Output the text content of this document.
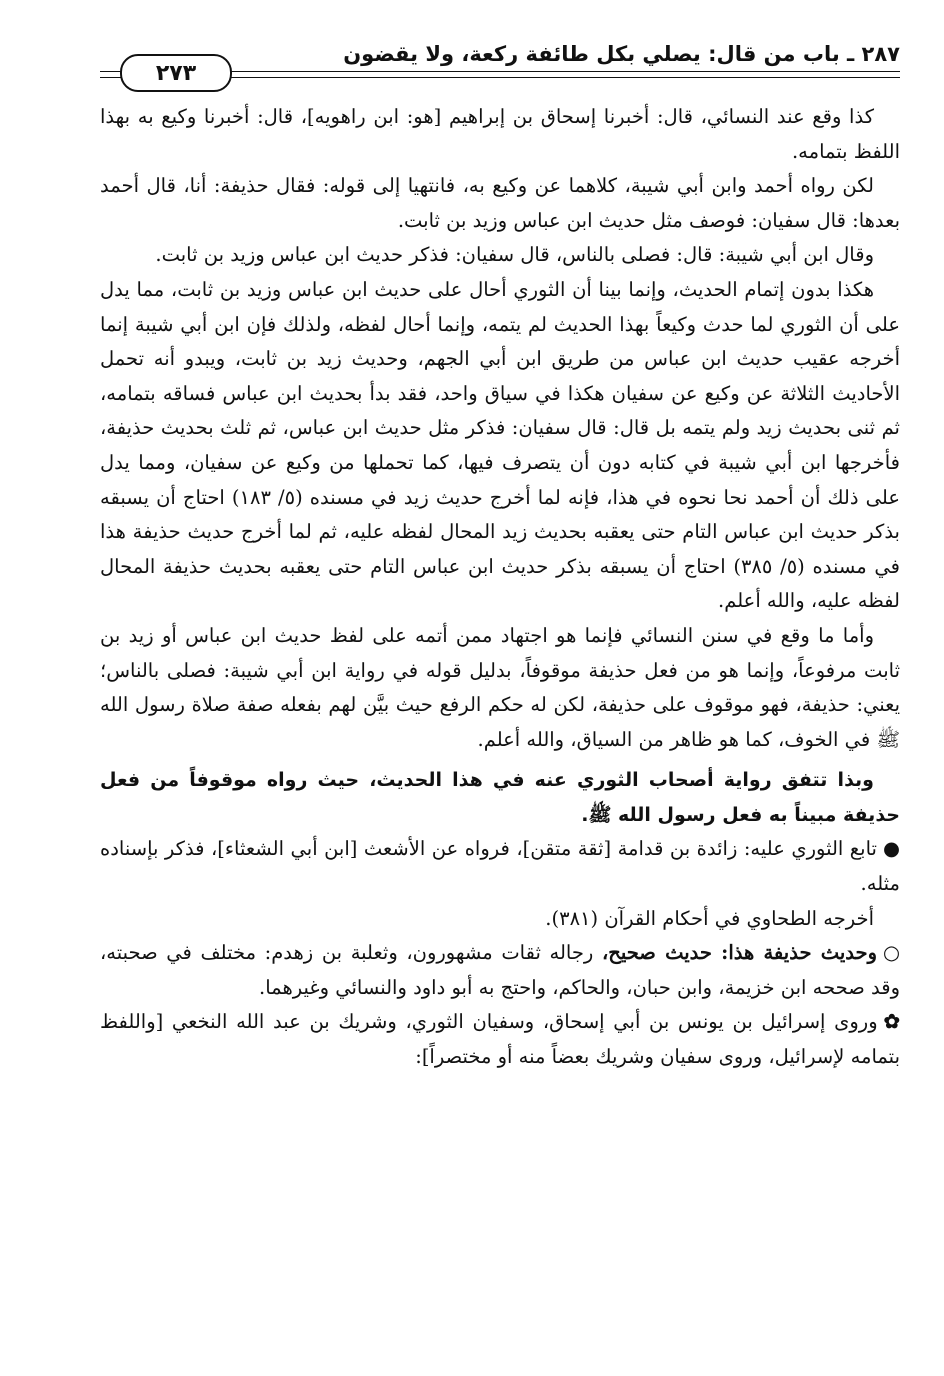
٢٨٧ ـ باب من قال: يصلي بكل طائفة ركعة، ولا يقضون
٢٧٣

كذا وقع عند النسائي، قال: أخبرنا إسحاق بن إبراهيم [هو: ابن راهويه]، قال: أخبرنا وكيع به بهذا اللفظ بتمامه.

لكن رواه أحمد وابن أبي شيبة، كلاهما عن وكيع به، فانتهيا إلى قوله: فقال حذيفة: أنا، قال أحمد بعدها: قال سفيان: فوصف مثل حديث ابن عباس وزيد بن ثابت.

وقال ابن أبي شيبة: قال: فصلى بالناس، قال سفيان: فذكر حديث ابن عباس وزيد بن ثابت.

هكذا بدون إتمام الحديث، وإنما بينا أن الثوري أحال على حديث ابن عباس وزيد بن ثابت، مما يدل على أن الثوري لما حدث وكيعاً بهذا الحديث لم يتمه، وإنما أحال لفظه، ولذلك فإن ابن أبي شيبة إنما أخرجه عقيب حديث ابن عباس من طريق ابن أبي الجهم، وحديث زيد بن ثابت، ويبدو أنه تحمل الأحاديث الثلاثة عن وكيع عن سفيان هكذا في سياق واحد، فقد بدأ بحديث ابن عباس فساقه بتمامه، ثم ثنى بحديث زيد ولم يتمه بل قال: قال سفيان: فذكر مثل حديث ابن عباس، ثم ثلث بحديث حذيفة، فأخرجها ابن أبي شيبة في كتابه دون أن يتصرف فيها، كما تحملها من وكيع عن سفيان، ومما يدل على ذلك أن أحمد نحا نحوه في هذا، فإنه لما أخرج حديث زيد في مسنده (٥/ ١٨٣) احتاج أن يسبقه بذكر حديث ابن عباس التام حتى يعقبه بحديث زيد المحال لفظه عليه، ثم لما أخرج حديث حذيفة هذا في مسنده (٥/ ٣٨٥) احتاج أن يسبقه بذكر حديث ابن عباس التام حتى يعقبه بحديث حذيفة المحال لفظه عليه، والله أعلم.

وأما ما وقع في سنن النسائي فإنما هو اجتهاد ممن أتمه على لفظ حديث ابن عباس أو زيد بن ثابت مرفوعاً، وإنما هو من فعل حذيفة موقوفاً، بدليل قوله في رواية ابن أبي شيبة: فصلى بالناس؛ يعني: حذيفة، فهو موقوف على حذيفة، لكن له حكم الرفع حيث بيَّن لهم بفعله صفة صلاة رسول الله ﷺ في الخوف، كما هو ظاهر من السياق، والله أعلم.

وبذا تتفق رواية أصحاب الثوري عنه في هذا الحديث، حيث رواه موقوفاً من فعل حذيفة مبيناً به فعل رسول الله ﷺ.

●تابع الثوري عليه: زائدة بن قدامة [ثقة متقن]، فرواه عن الأشعث [ابن أبي الشعثاء]، فذكر بإسناده مثله.

أخرجه الطحاوي في أحكام القرآن (٣٨١).

○وحديث حذيفة هذا: حديث صحيح، رجاله ثقات مشهورون، وثعلبة بن زهدم: مختلف في صحبته، وقد صححه ابن خزيمة، وابن حبان، والحاكم، واحتج به أبو داود والنسائي وغيرهما.

✿وروى إسرائيل بن يونس بن أبي إسحاق، وسفيان الثوري، وشريك بن عبد الله النخعي [واللفظ بتمامه لإسرائيل، وروى سفيان وشريك بعضاً منه أو مختصراً]:
